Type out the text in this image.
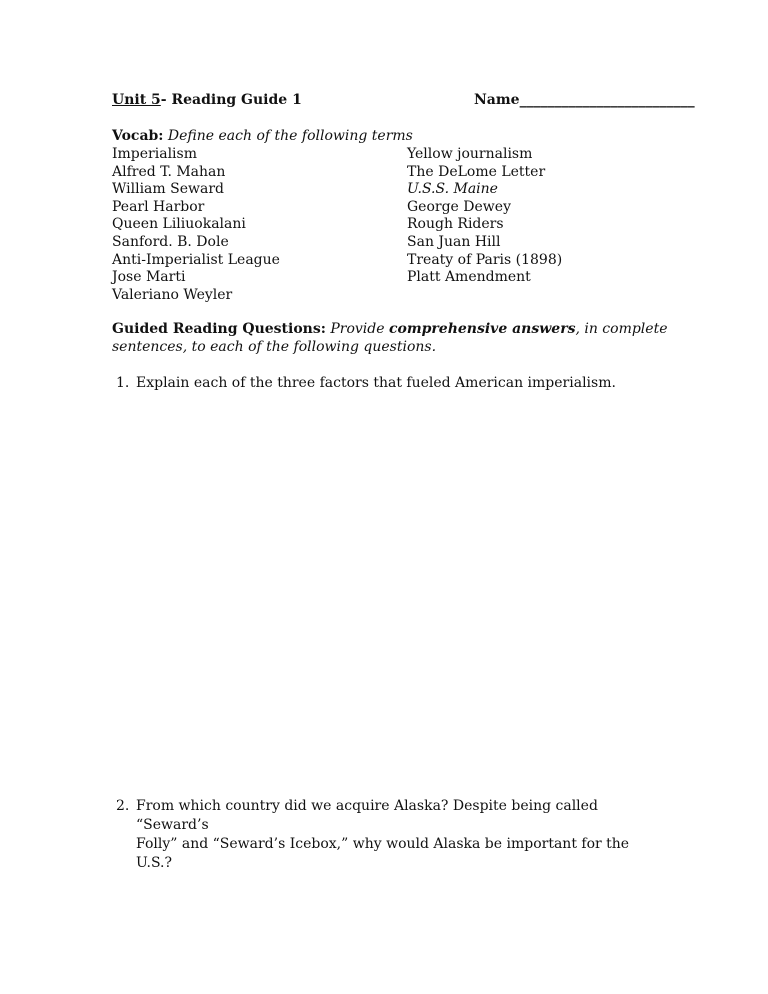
Unit 5- Reading Guide 1	Name_________________________
Vocab: Define each of the following terms
Imperialism
Alfred T. Mahan
William Seward
Pearl Harbor
Queen Liliuokalani
Sanford. B. Dole
Anti-Imperialist League
Jose Marti
Valeriano Weyler
Yellow journalism
The DeLome Letter
U.S.S. Maine
George Dewey
Rough Riders
San Juan Hill
Treaty of Paris (1898)
Platt Amendment
Guided Reading Questions: Provide comprehensive answers, in complete
sentences, to each of the following questions.
1. Explain each of the three factors that fueled American imperialism.
2. From which country did we acquire Alaska? Despite being called “Seward’s
Folly” and “Seward’s Icebox,” why would Alaska be important for the U.S.?
